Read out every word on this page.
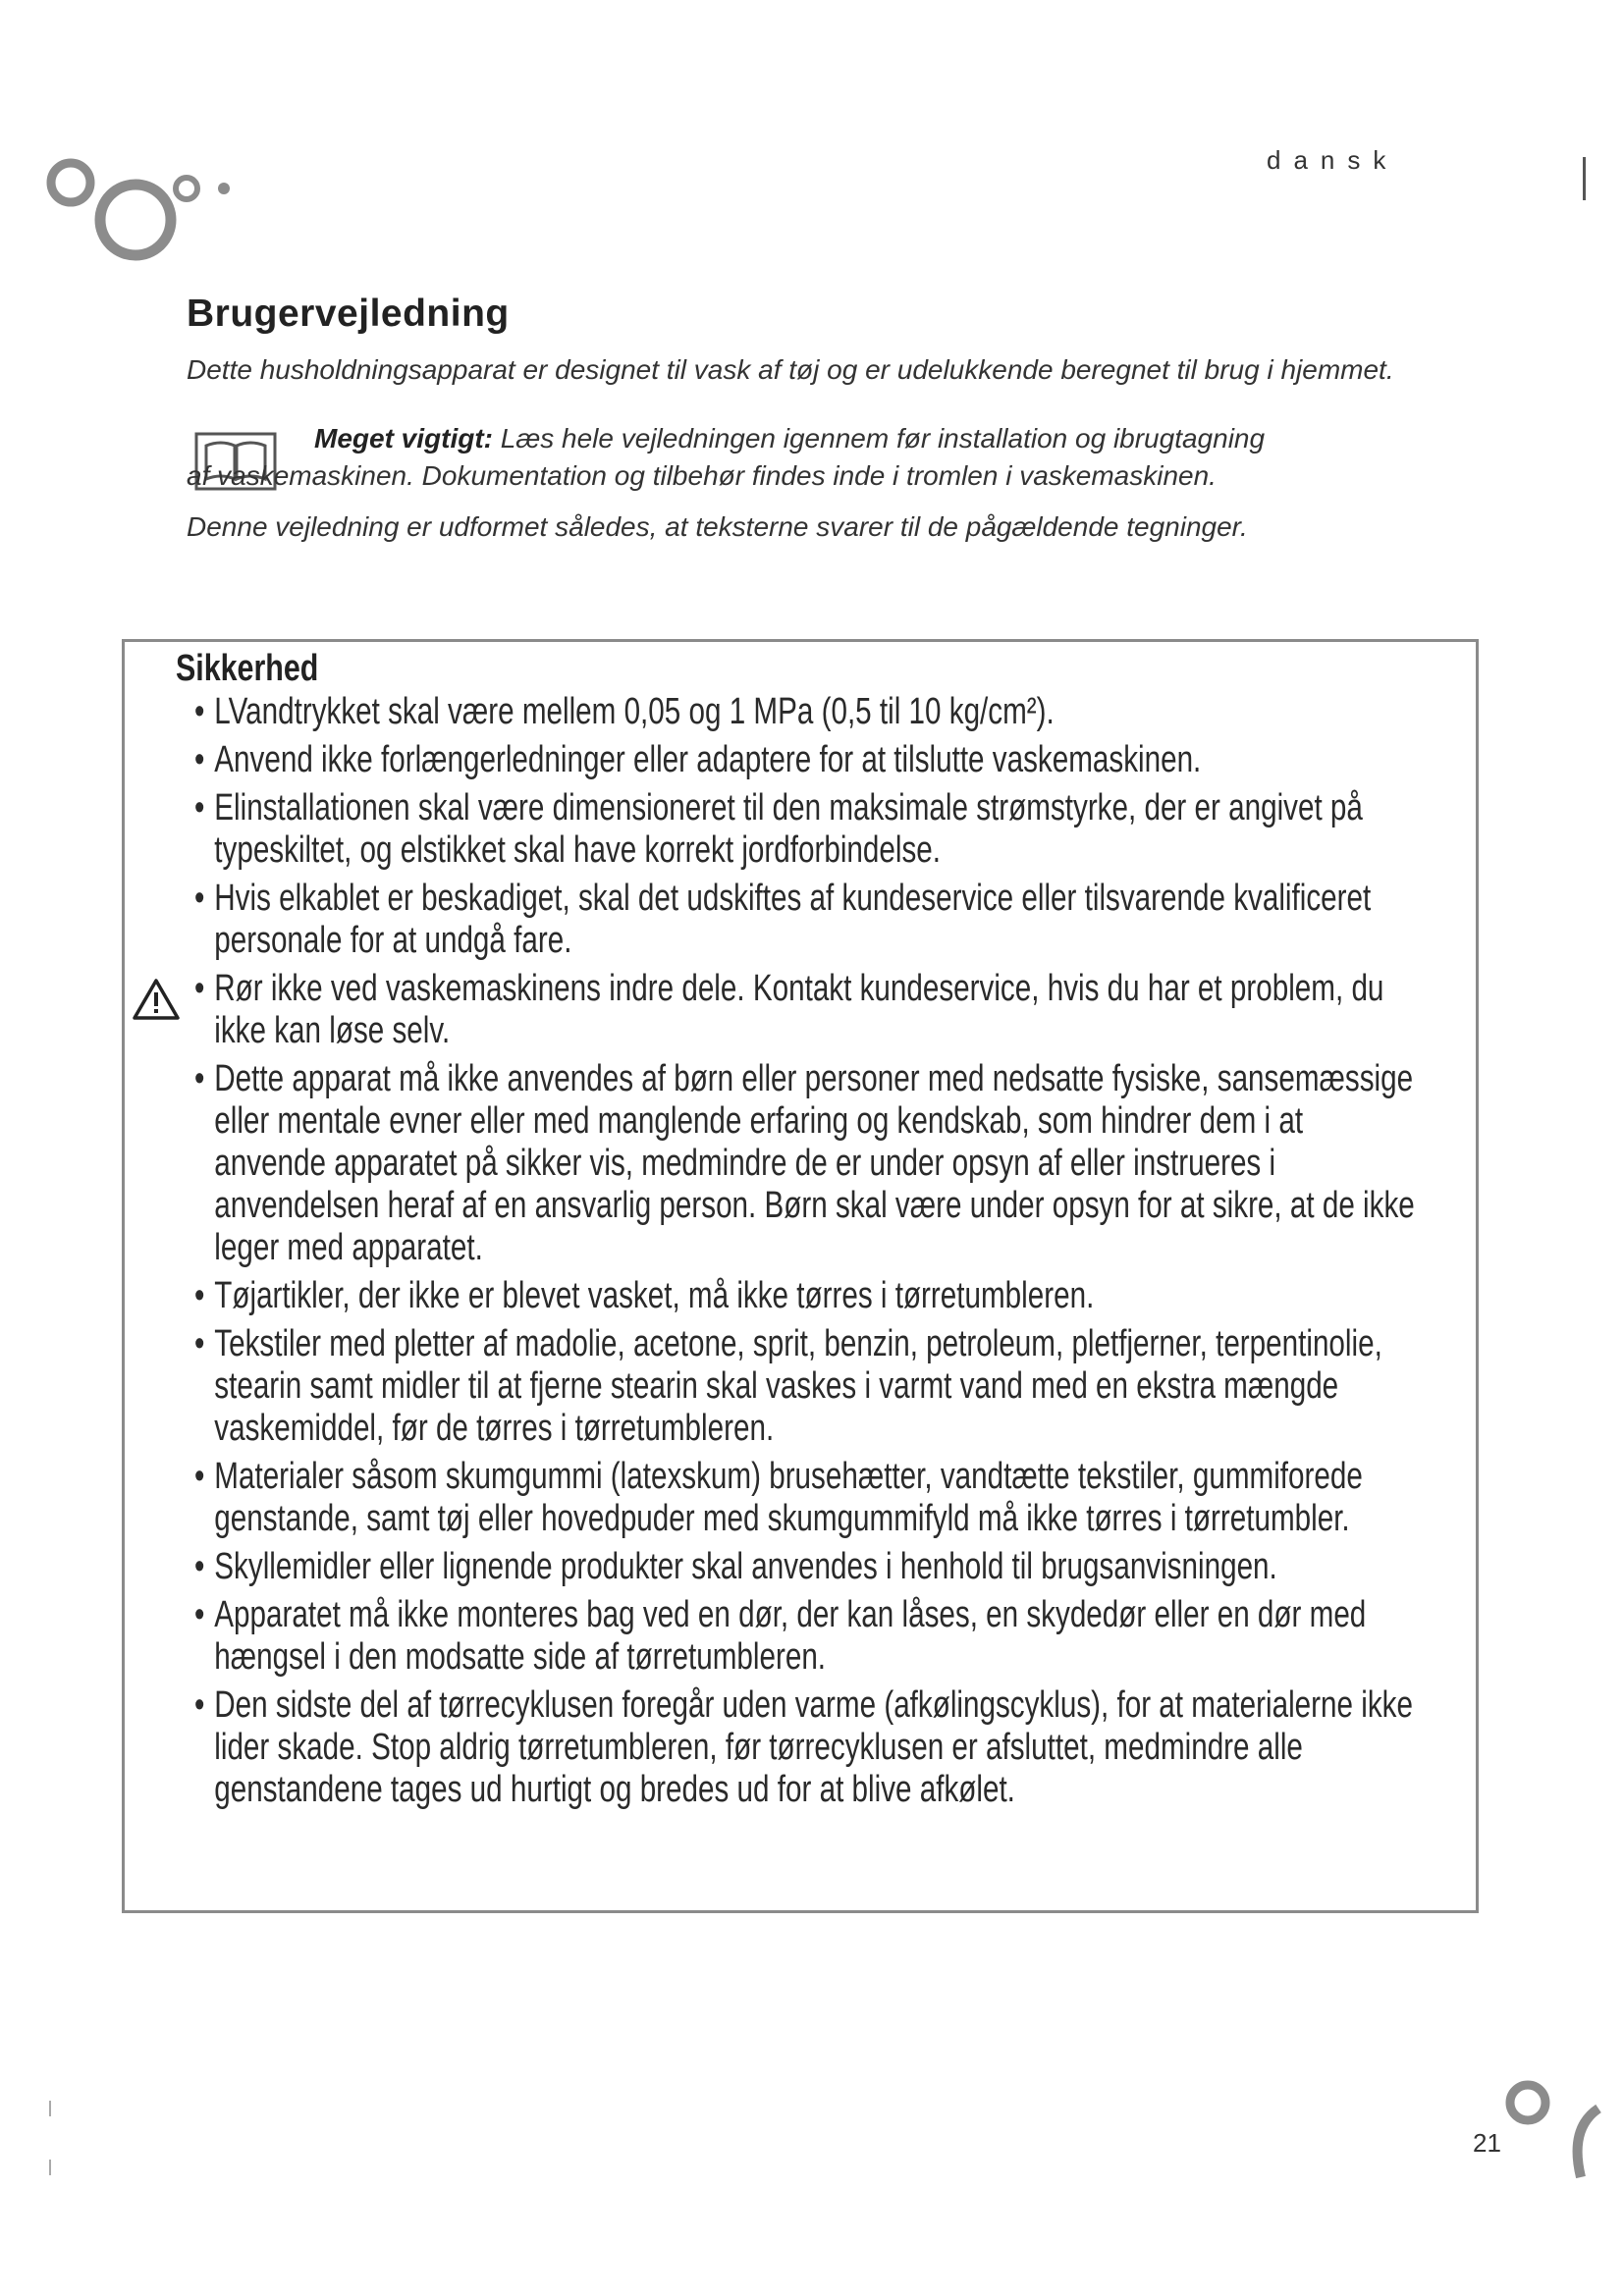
dansk
Brugervejledning

Dette husholdningsapparat er designet til vask af tøj og er udelukkende beregnet til brug i hjemmet.

Meget vigtigt: Læs hele vejledningen igennem før installation og ibrugtagning
af vaskemaskinen. Dokumentation og tilbehør findes inde i tromlen i vaskemaskinen.

Denne vejledning er udformet således, at teksterne svarer til de pågældende tegninger.

Sikkerhed
• LVandtrykket skal være mellem 0,05 og 1 MPa (0,5 til 10 kg/cm²).
• Anvend ikke forlængerledninger eller adaptere for at tilslutte vaskemaskinen.
• Elinstallationen skal være dimensioneret til den maksimale strømstyrke, der er angivet på typeskiltet, og elstikket skal have korrekt jordforbindelse.
• Hvis elkablet er beskadiget, skal det udskiftes af kundeservice eller tilsvarende kvalificeret personale for at undgå fare.
• Rør ikke ved vaskemaskinens indre dele. Kontakt kundeservice, hvis du har et problem, du ikke kan løse selv.
• Dette apparat må ikke anvendes af børn eller personer med nedsatte fysiske, sansemæssige eller mentale evner eller med manglende erfaring og kendskab, som hindrer dem i at anvende apparatet på sikker vis, medmindre de er under opsyn af eller instrueres i anvendelsen heraf af en ansvarlig person. Børn skal være under opsyn for at sikre, at de ikke leger med apparatet.
• Tøjartikler, der ikke er blevet vasket, må ikke tørres i tørretumbleren.
• Tekstiler med pletter af madolie, acetone, sprit, benzin, petroleum, pletfjerner, terpentinolie, stearin samt midler til at fjerne stearin skal vaskes i varmt vand med en ekstra mængde vaskemiddel, før de tørres i tørretumbleren.
• Materialer såsom skumgummi (latexskum) brusehætter, vandtætte tekstiler, gummiforede genstande, samt tøj eller hovedpuder med skumgummifyld må ikke tørres i tørretumbler.
• Skyllemidler eller lignende produkter skal anvendes i henhold til brugsanvisningen.
• Apparatet må ikke monteres bag ved en dør, der kan låses, en skydedør eller en dør med hængsel i den modsatte side af tørretumbleren.
• Den sidste del af tørrecyklusen foregår uden varme (afkølingscyklus), for at materialerne ikke lider skade. Stop aldrig tørretumbleren, før tørrecyklusen er afsluttet, medmindre alle genstandene tages ud hurtigt og bredes ud for at blive afkølet.
21
